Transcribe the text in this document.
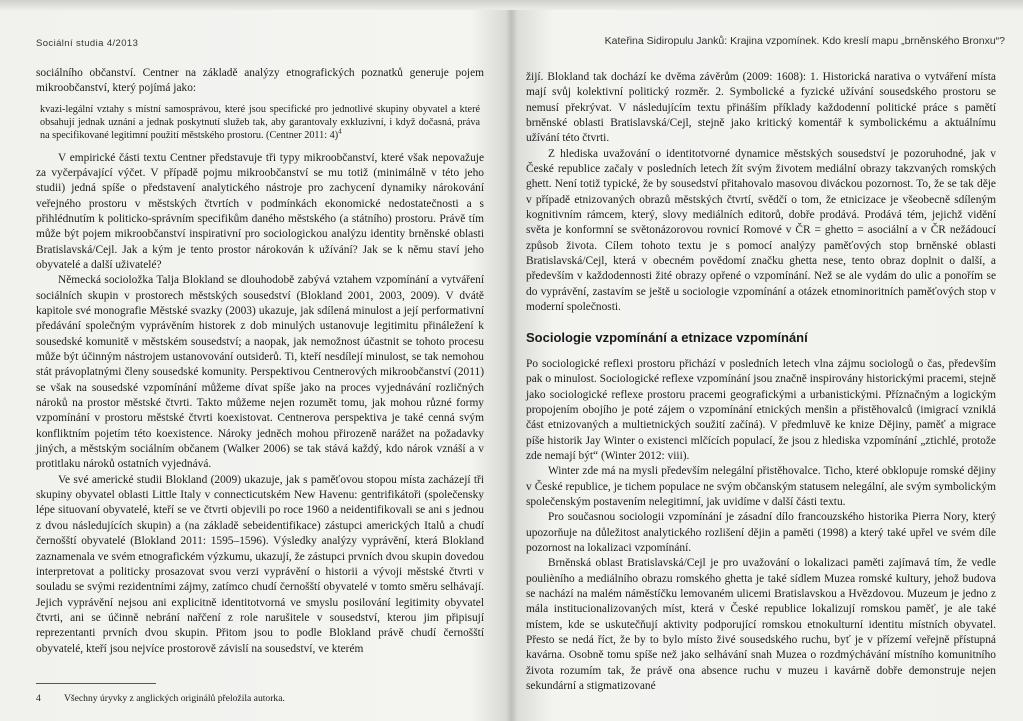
Sociální studia 4/2013

sociálního občanství. Centner na základě analýzy etnografických poznatků generuje pojem mikroobčanství, který pojímá jako:

kvazi-legální vztahy s místní samosprávou, které jsou specifické pro jednotlivé skupiny obyvatel a které obsahují jednak uznání a jednak poskytnutí služeb tak, aby garantovaly exkluzivní, i když dočasná, práva na specifikované legitimní použití městského prostoru. (Centner 2011: 4)$^4$

V empirické části textu Centner představuje tři typy mikroobčanství, které však nepovažuje za vyčerpávající výčet. V případě pojmu mikroobčanství se mu totiž (minimálně v této jeho studii) jedná spíše o představení analytického nástroje pro zachycení dynamiky nárokování veřejného prostoru v městských čtvrtích v podmínkách ekonomické nedostatečnosti a s přihlédnutím k politicko-správním specifikům daného městského (a státního) prostoru. Právě tím může být pojem mikroobčanství inspirativní pro sociologickou analýzu identity brněnské oblasti Bratislavská/Cejl. Jak a kým je tento prostor nárokován k užívání? Jak se k němu staví jeho obyvatelé a další uživatelé?

Německá socioložka Talja Blokland se dlouhodobě zabývá vztahem vzpomínání a vytváření sociálních skupin v prostorech městských sousedství (Blokland 2001, 2003, 2009). V dvátě kapitole své monografie Městské svazky (2003) ukazuje, jak sdílená minulost a její performativní předávání společným vyprávěním historek z dob minulých ustanovuje legitimitu přináležení k sousedské komunitě v městském sousedství; a naopak, jak nemožnost účastnit se tohoto procesu může být účinným nástrojem ustanovování outsiderů. Ti, kteří nesdílejí minulost, se tak nemohou stát právoplatnými členy sousedské komunity. Perspektivou Centnerových mikroobčanství (2011) se však na sousedské vzpomínání můžeme dívat spíše jako na proces vyjednávání rozličných nároků na prostor městské čtvrti. Takto můžeme nejen rozumět tomu, jak mohou různé formy vzpomínání v prostoru městské čtvrti koexistovat. Centnerova perspektiva je také cenná svým konfliktním pojetím této koexistence. Nároky jedněch mohou přirozeně narážet na požadavky jiných, a městským sociálním občanem (Walker 2006) se tak stává každý, kdo nárok vznáší a v protitlaku nároků ostatních vyjednává.

Ve své americké studii Blokland (2009) ukazuje, jak s paměťovou stopou místa zacházejí tři skupiny obyvatel oblasti Little Italy v connecticutském New Havenu: gentrifikátoři (společensky lépe situovaní obyvatelé, kteří se ve čtvrti objevili po roce 1960 a neidentifikovali se ani s jednou z dvou následujících skupin) a (na základě sebeidentifikace) zástupci amerických Italů a chudí černošští obyvatelé (Blokland 2011: 1595–1596). Výsledky analýzy vyprávění, která Blokland zaznamenala ve svém etnografickém výzkumu, ukazují, že zástupci prvních dvou skupin dovedou interpretovat a politicky prosazovat svou verzi vyprávění o historii a vývoji městské čtvrti v souladu se svými rezidentními zájmy, zatímco chudí černošští obyvatelé v tomto směru selhávají. Jejich vyprávění nejsou ani explicitně identitotvorná ve smyslu posilování legitimity obyvatel čtvrti, ani se účinně nebrání nařčení z role narušitele v sousedství, kterou jim připisují reprezentanti prvních dvou skupin. Přitom jsou to podle Blokland právě chudí černošští obyvatelé, kteří jsou nejvíce prostorově závislí na sousedství, ve kterém

4 Všechny úryvky z anglických originálů přeložila autorka.
Kateřina Sidiropulu Janků: Krajina vzpomínek. Kdo kreslí mapu „brněnského Bronxu“?

žijí. Blokland tak dochází ke dvěma závěrům (2009: 1608): 1. Historická narativa o vytváření místa mají svůj kolektivní politický rozměr. 2. Symbolické a fyzické užívání sousedského prostoru se nemusí překrývat. V následujícím textu přináším příklady každodenní politické práce s pamětí brněnské oblasti Bratislavská/Cejl, stejně jako kritický komentář k symbolickému a aktuálnímu užívání této čtvrti.

Z hlediska uvažování o identitotvorné dynamice městských sousedství je pozoruhodné, jak v České republice začaly v posledních letech žít svým životem mediální obrazy takzvaných romských ghett. Není totiž typické, že by sousedství přitahovalo masovou diváckou pozornost. To, že se tak děje v případě etnizovaných obrazů městských čtvrtí, svědčí o tom, že etnicizace je všeobecně sdíleným kognitivním rámcem, který, slovy mediálních editorů, dobře prodává. Prodává tém, jejichž vidění světa je konformní se světonázorovou rovnicí Romové v ČR = ghetto = asociální a v ČR nežádoucí způsob života. Cílem tohoto textu je s pomocí analýzy paměťových stop brněnské oblasti Bratislavská/Cejl, která v obecném povědomí značku ghetta nese, tento obraz doplnit o další, a především v každodennosti žité obrazy opřené o vzpomínání. Než se ale vydám do ulic a ponořím se do vyprávění, zastavím se ještě u sociologie vzpomínání a otázek etnominoritních paměťových stop v moderní společnosti.

Sociologie vzpomínání a etnizace vzpomínání

Po sociologické reflexi prostoru přichází v posledních letech vlna zájmu sociologů o čas, především pak o minulost. Sociologické reflexe vzpomínání jsou značně inspirovány historickými pracemi, stejně jako sociologické reflexe prostoru pracemi geografickými a urbanistickými. Příznačným a logickým propojením obojího je poté zájem o vzpomínání etnických menšin a přistěhovalců (imigrací vzniklá část etnizovaných a multietnických soužití začíná). V předmluvě ke knize Dějiny, paměť a migrace píše historik Jay Winter o existenci mlčících populací, že jsou z hlediska vzpomínání „ztichlé, protože zde nemají být“ (Winter 2012: viii).

Winter zde má na mysli především nelegální přistěhovalce. Ticho, které obklopuje romské dějiny v České republice, je tichem populace ne svým občanským statusem nelegální, ale svým symbolickým společenským postavením nelegitimní, jak uvidíme v další části textu.

Pro současnou sociologii vzpomínání je zásadní dílo francouzského historika Pierra Nory, který upozorňuje na důležitost analytického rozlišení dějin a paměti (1998) a který také upřel ve svém díle pozornost na lokalizaci vzpomínání.

Brněnská oblast Bratislavská/Cejl je pro uvažování o lokalizaci paměti zajímavá tím, že vedle poulièního a mediálního obrazu romského ghetta je také sídlem Muzea romské kultury, jehož budova se nachází na malém náměstíčku lemovaném ulicemi Bratislavskou a Hvězdovou. Muzeum je jedno z mála institucionalizovaných míst, která v České republice lokalizují romskou paměť, je ale také místem, kde se uskutečňují aktivity podporující romskou etnokulturní identitu místních obyvatel. Přesto se nedá říct, že by to bylo místo živé sousedského ruchu, byť je v přízemí veřejně přístupná kavárna. Osobně tomu spíše než jako selhávání snah Muzea o rozdmýchávání místního komunitního života rozumím tak, že právě ona absence ruchu v muzeu i kavárně dobře demonstruje nejen sekundární a stigmatizované
